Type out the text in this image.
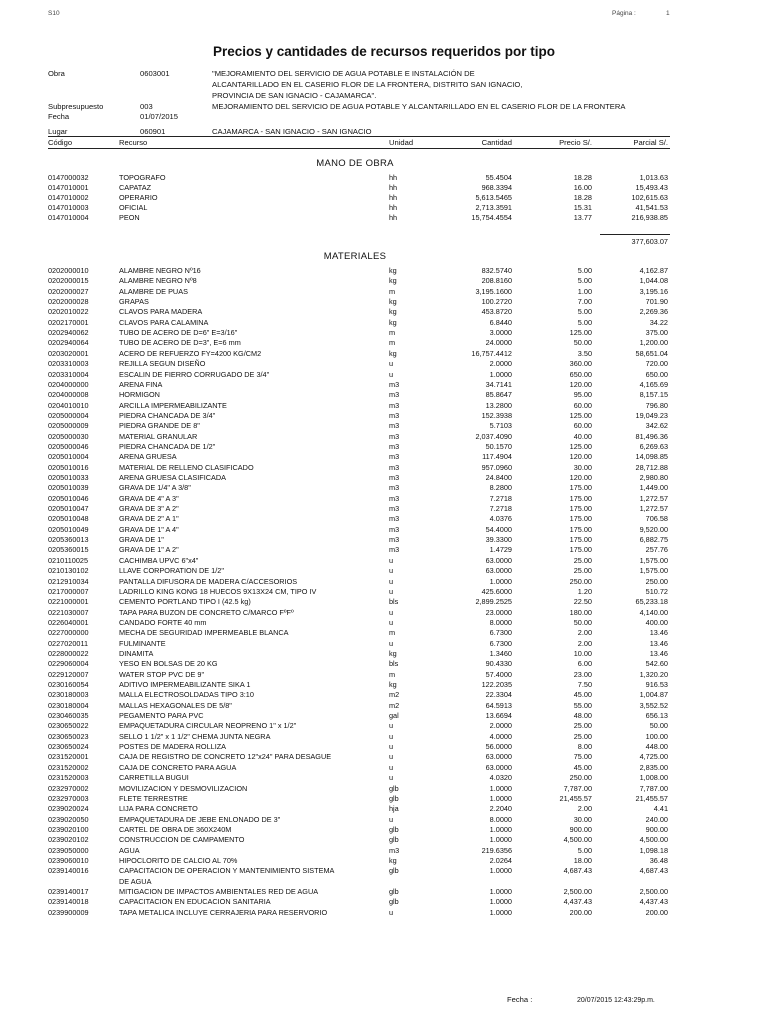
S10	Página :	1
Precios y cantidades de recursos requeridos por tipo
Obra	0603001	"MEJORAMIENTO DEL SERVICIO DE AGUA POTABLE E INSTALACIÓN DE
ALCANTARILLADO EN EL CASERIO FLOR DE LA FRONTERA, DISTRITO SAN IGNACIO,
PROVINCIA DE SAN IGNACIO - CAJAMARCA".
Subpresupuesto	003	MEJORAMIENTO DEL SERVICIO DE AGUA POTABLE Y ALCANTARILLADO EN EL CASERIO FLOR DE LA FRONTERA
Fecha	01/07/2015
Lugar	060901	CAJAMARCA - SAN IGNACIO - SAN IGNACIO
Código	Recurso	Unidad	Cantidad	Precio S/.	Parcial S/.
MANO DE OBRA
0147000032	TOPOGRAFO	hh	55.4504	18.28	1,013.63
0147010001	CAPATAZ	hh	968.3394	16.00	15,493.43
0147010002	OPERARIO	hh	5,613.5465	18.28	102,615.63
0147010003	OFICIAL	hh	2,713.3591	15.31	41,541.53
0147010004	PEON	hh	15,754.4554	13.77	216,938.85
377,603.07
MATERIALES
0202000010	ALAMBRE NEGRO Nº16	kg	832.5740	5.00	4,162.87
0202000015	ALAMBRE NEGRO Nº8	kg	208.8160	5.00	1,044.08
0202000027	ALAMBRE DE PUAS	m	3,195.1600	1.00	3,195.16
0202000028	GRAPAS	kg	100.2720	7.00	701.90
0202010022	CLAVOS PARA MADERA	kg	453.8720	5.00	2,269.36
0202170001	CLAVOS PARA CALAMINA	kg	6.8440	5.00	34.22
0202940062	TUBO DE ACERO DE D=6" E=3/16"	m	3.0000	125.00	375.00
0202940064	TUBO DE ACERO DE D=3", E=6 mm	m	24.0000	50.00	1,200.00
0203020001	ACERO DE REFUERZO FY=4200 KG/CM2	kg	16,757.4412	3.50	58,651.04
0203310003	REJILLA SEGUN DISEÑO	u	2.0000	360.00	720.00
0203310004	ESCALIN DE FIERRO CORRUGADO DE 3/4"	u	1.0000	650.00	650.00
0204000000	ARENA FINA	m3	34.7141	120.00	4,165.69
0204000008	HORMIGON	m3	85.8647	95.00	8,157.15
0204010010	ARCILLA IMPERMEABILIZANTE	m3	13.2800	60.00	796.80
0205000004	PIEDRA CHANCADA DE 3/4"	m3	152.3938	125.00	19,049.23
0205000009	PIEDRA GRANDE DE 8"	m3	5.7103	60.00	342.62
0205000030	MATERIAL GRANULAR	m3	2,037.4090	40.00	81,496.36
0205000046	PIEDRA CHANCADA DE 1/2"	m3	50.1570	125.00	6,269.63
0205010004	ARENA GRUESA	m3	117.4904	120.00	14,098.85
0205010016	MATERIAL DE RELLENO CLASIFICADO	m3	957.0960	30.00	28,712.88
0205010033	ARENA GRUESA CLASIFICADA	m3	24.8400	120.00	2,980.80
0205010039	GRAVA DE 1/4" A 3/8"	m3	8.2800	175.00	1,449.00
0205010046	GRAVA DE 4" A 3"	m3	7.2718	175.00	1,272.57
0205010047	GRAVA DE 3" A 2"	m3	7.2718	175.00	1,272.57
0205010048	GRAVA DE 2" A 1"	m3	4.0376	175.00	706.58
0205010049	GRAVA DE 1" A 4"	m3	54.4000	175.00	9,520.00
0205360013	GRAVA DE 1"	m3	39.3300	175.00	6,882.75
0205360015	GRAVA DE 1" A 2"	m3	1.4729	175.00	257.76
0210110025	CACHIMBA UPVC 6"x4"	u	63.0000	25.00	1,575.00
0210130102	LLAVE CORPORATION DE 1/2"	u	63.0000	25.00	1,575.00
0212910034	PANTALLA DIFUSORA DE MADERA C/ACCESORIOS	u	1.0000	250.00	250.00
0217000007	LADRILLO KING KONG 18 HUECOS 9X13X24 CM, TIPO IV	u	425.6000	1.20	510.72
0221000001	CEMENTO PORTLAND TIPO I (42.5 kg)	bls	2,899.2525	22.50	65,233.18
0221030007	TAPA PARA BUZON DE CONCRETO C/MARCO FºFº	u	23.0000	180.00	4,140.00
0226040001	CANDADO FORTE 40 mm	u	8.0000	50.00	400.00
0227000000	MECHA DE SEGURIDAD IMPERMEABLE BLANCA	m	6.7300	2.00	13.46
0227020011	FULMINANTE	u	6.7300	2.00	13.46
0228000022	DINAMITA	kg	1.3460	10.00	13.46
0229060004	YESO EN BOLSAS DE 20 KG	bls	90.4330	6.00	542.60
0229120007	WATER STOP PVC DE 9"	m	57.4000	23.00	1,320.20
0230160054	ADITIVO IMPERMEABILIZANTE SIKA 1	kg	122.2035	7.50	916.53
0230180003	MALLA ELECTROSOLDADAS TIPO 3:10	m2	22.3304	45.00	1,004.87
0230180004	MALLAS HEXAGONALES DE 5/8"	m2	64.5913	55.00	3,552.52
0230460035	PEGAMENTO PARA PVC	gal	13.6694	48.00	656.13
0230650022	EMPAQUETADURA CIRCULAR NEOPRENO 1" x 1/2"	u	2.0000	25.00	50.00
0230650023	SELLO 1 1/2" x 1 1/2" CHEMA JUNTA NEGRA	u	4.0000	25.00	100.00
0230650024	POSTES DE MADERA ROLLIZA	u	56.0000	8.00	448.00
0231520001	CAJA DE REGISTRO DE CONCRETO 12"x24" PARA DESAGUE	u	63.0000	75.00	4,725.00
0231520002	CAJA DE CONCRETO PARA AGUA	u	63.0000	45.00	2,835.00
0231520003	CARRETILLA BUGUI	u	4.0320	250.00	1,008.00
0232970002	MOVILIZACION Y DESMOVILIZACION	glb	1.0000	7,787.00	7,787.00
0232970003	FLETE TERRESTRE	glb	1.0000	21,455.57	21,455.57
0239020024	LIJA PARA CONCRETO	hja	2.2040	2.00	4.41
0239020050	EMPAQUETADURA DE JEBE ENLONADO DE 3"	u	8.0000	30.00	240.00
0239020100	CARTEL DE OBRA DE 360X240M	glb	1.0000	900.00	900.00
0239020102	CONSTRUCCION DE CAMPAMENTO	glb	1.0000	4,500.00	4,500.00
0239050000	AGUA	m3	219.6356	5.00	1,098.18
0239060010	HIPOCLORITO DE CALCIO AL 70%	kg	2.0264	18.00	36.48
0239140016	CAPACITACION DE OPERACION Y MANTENIMIENTO SISTEMA	glb	1.0000	4,687.43	4,687.43
DE AGUA
0239140017	MITIGACION DE IMPACTOS AMBIENTALES RED DE AGUA	glb	1.0000	2,500.00	2,500.00
0239140018	CAPACITACION EN EDUCACION SANITARIA	glb	1.0000	4,437.43	4,437.43
0239900009	TAPA METALICA INCLUYE CERRAJERIA PARA RESERVORIO	u	1.0000	200.00	200.00
Fecha :	20/07/2015 12:43:29p.m.
